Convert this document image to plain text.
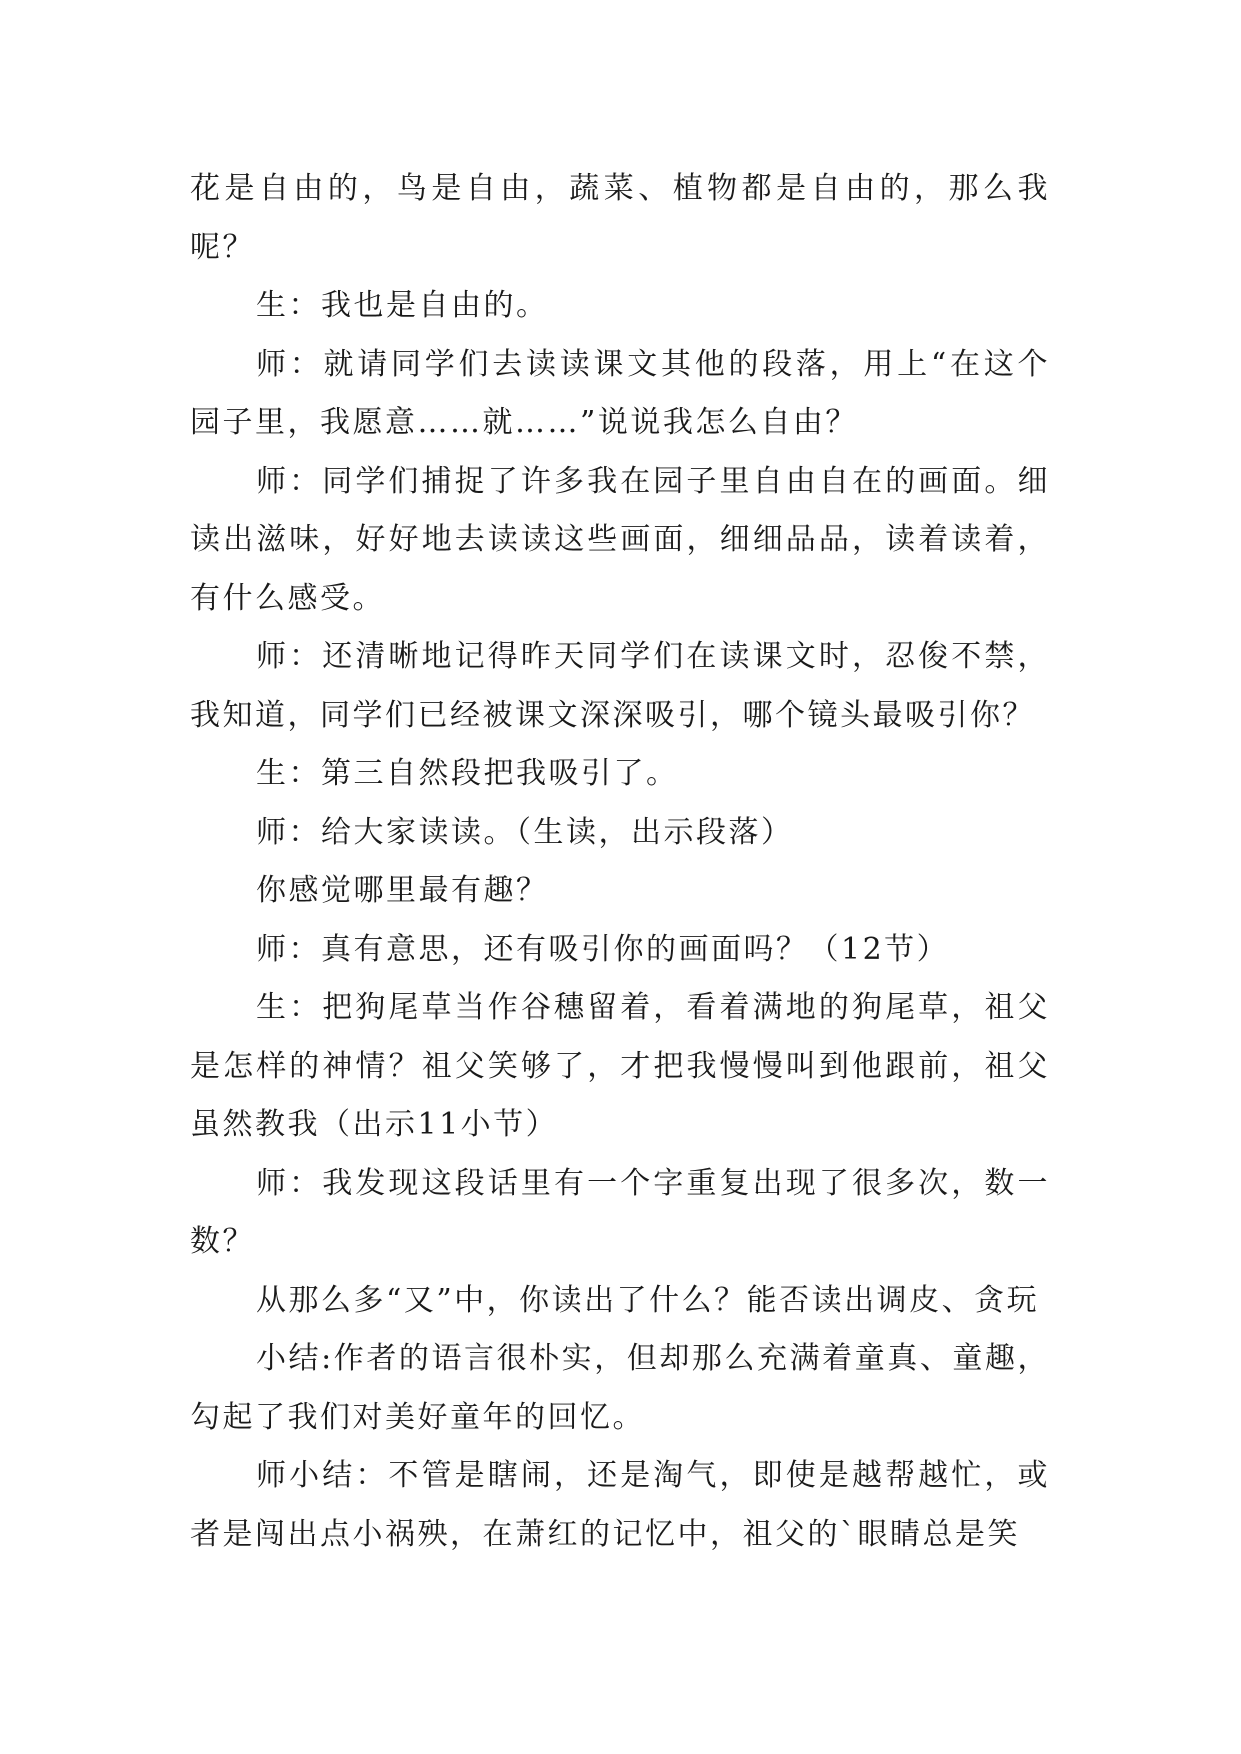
花是自由的，鸟是自由，蔬菜、植物都是自由的，那么我呢？

生：我也是自由的。

师：就请同学们去读读课文其他的段落，用上“在这个园子里，我愿意……就……”说说我怎么自由？

师：同学们捕捉了许多我在园子里自由自在的画面。细读出滋味，好好地去读读这些画面，细细品品，读着读着，有什么感受。

师：还清晰地记得昨天同学们在读课文时，忍俊不禁，我知道，同学们已经被课文深深吸引，哪个镜头最吸引你？

生：第三自然段把我吸引了。

师：给大家读读。（生读，出示段落）

你感觉哪里最有趣？

师：真有意思，还有吸引你的画面吗？（12节）

生：把狗尾草当作谷穗留着，看着满地的狗尾草，祖父是怎样的神情？祖父笑够了，才把我慢慢叫到他跟前，祖父虽然教我（出示11小节）

师：我发现这段话里有一个字重复出现了很多次，数一数？

从那么多“又”中，你读出了什么？能否读出调皮、贪玩

小结:作者的语言很朴实，但却那么充满着童真、童趣，勾起了我们对美好童年的回忆。

师小结：不管是瞎闹，还是淘气，即使是越帮越忙，或者是闯出点小祸殃，在萧红的记忆中，祖父的`眼睛总是笑
